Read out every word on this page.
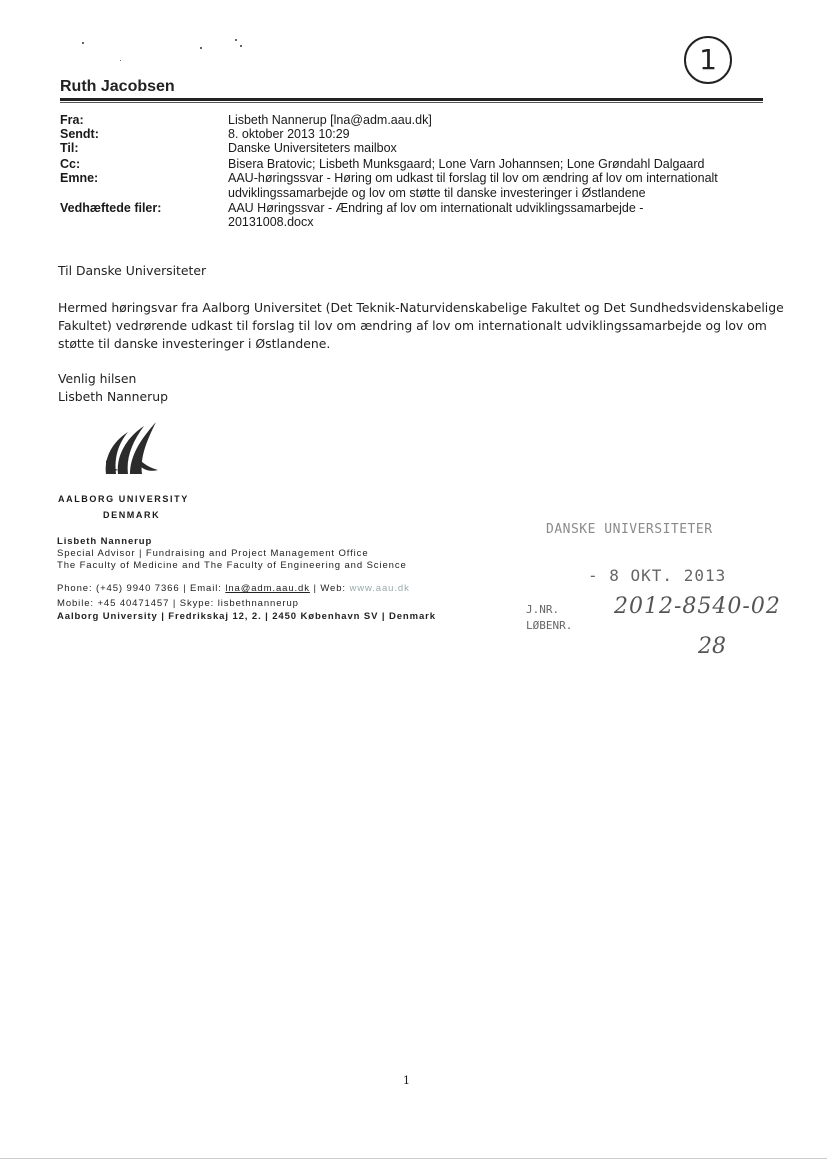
1
Ruth Jacobsen
Fra:	Lisbeth Nannerup [lna@adm.aau.dk]
Sendt:	8. oktober 2013 10:29
Til:	Danske Universiteters mailbox
Cc:	Bisera Bratovic; Lisbeth Munksgaard; Lone Varn Johannsen; Lone Grøndahl Dalgaard
Emne:	AAU-høringssvar - Høring om udkast til forslag til lov om ændring af lov om internationalt
udviklingssamarbejde og lov om støtte til danske investeringer i Østlandene
Vedhæftede filer:	AAU Høringssvar - Ændring af lov om internationalt udviklingssamarbejde -
20131008.docx
Til Danske Universiteter
Hermed høringsvar fra Aalborg Universitet (Det Teknik-Naturvidenskabelige Fakultet og Det Sundhedsvidenskabelige
Fakultet) vedrørende udkast til forslag til lov om ændring af lov om internationalt udviklingssamarbejde og lov om
støtte til danske investeringer i Østlandene.
Venlig hilsen
Lisbeth Nannerup
AALBORG UNIVERSITY
DENMARK
Lisbeth Nannerup
Special Advisor | Fundraising and Project Management Office
The Faculty of Medicine and The Faculty of Engineering and Science
Phone: (+45) 9940 7366 | Email: lna@adm.aau.dk | Web: www.aau.dk
Mobile: +45 40471457 | Skype: lisbethnannerup
Aalborg University | Fredrikskaj 12, 2. | 2450 København SV | Denmark
DANSKE UNIVERSITETER
- 8 OKT. 2013
J.NR.
LØBENR.
2012-8540-02
28
1
